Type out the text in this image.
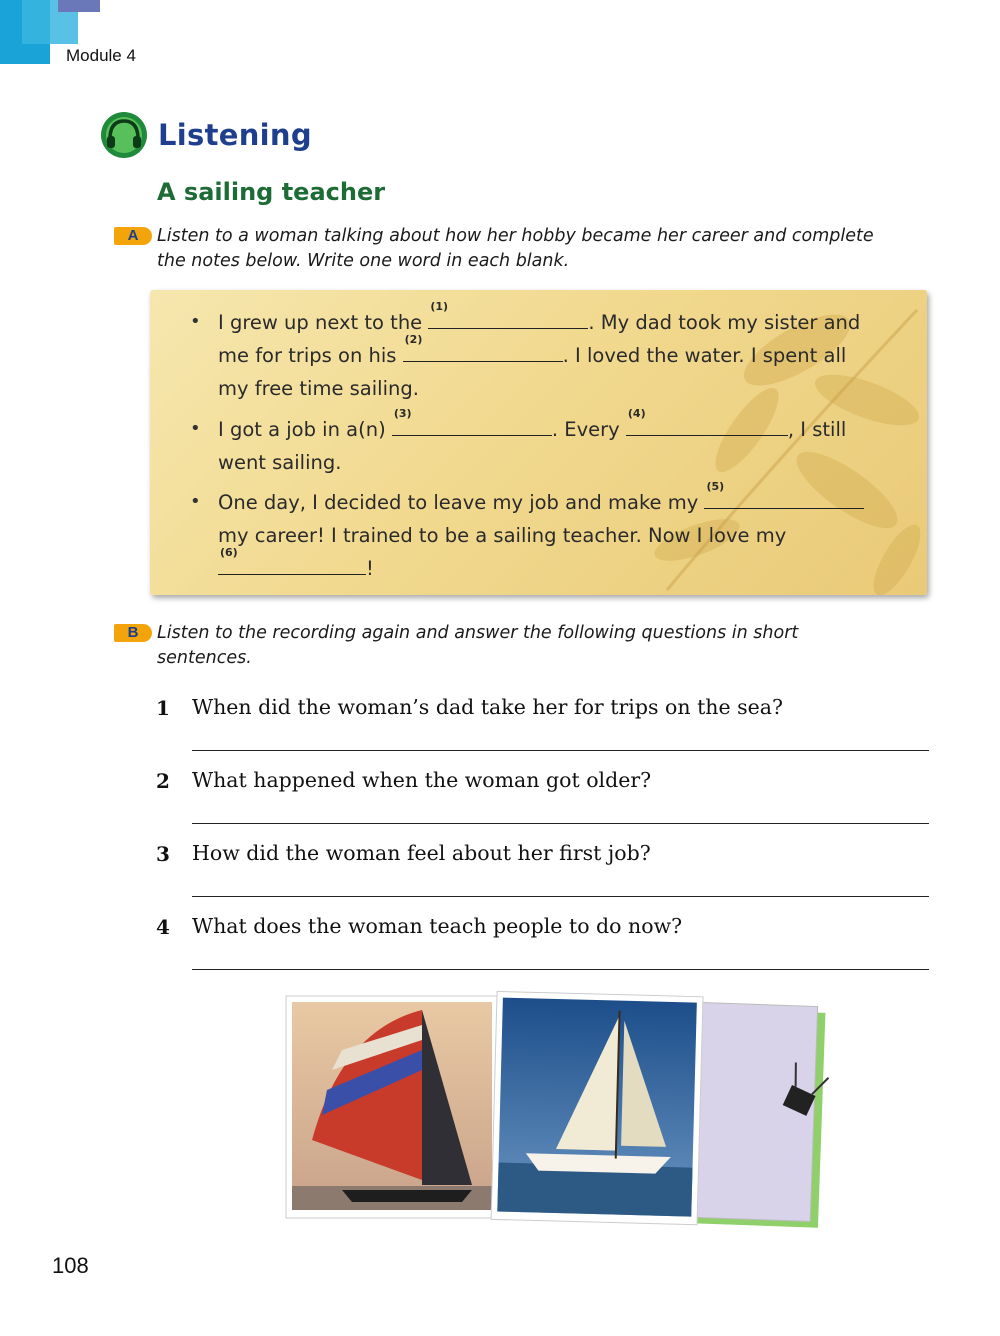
Module 4
Listening
A sailing teacher
A	Listen to a woman talking about how her hobby became her career and complete
the notes below. Write one word in each blank.
• I grew up next to the
(1)
. My dad took my sister and
me for trips on his
(2)
. I loved the water. I spent all
my free time sailing.
• I got a job in a(n)
(3)
. Every
(4)
, I still
went sailing.
• One day, I decided to leave my job and make my
(5)
my career! I trained to be a sailing teacher. Now I love my
(6)
!
B	Listen to the recording again and answer the following questions in short
sentences.
1 When did the woman’s dad take her for trips on the sea?
2 What happened when the woman got older?
3 How did the woman feel about her first job?
4 What does the woman teach people to do now?
108
